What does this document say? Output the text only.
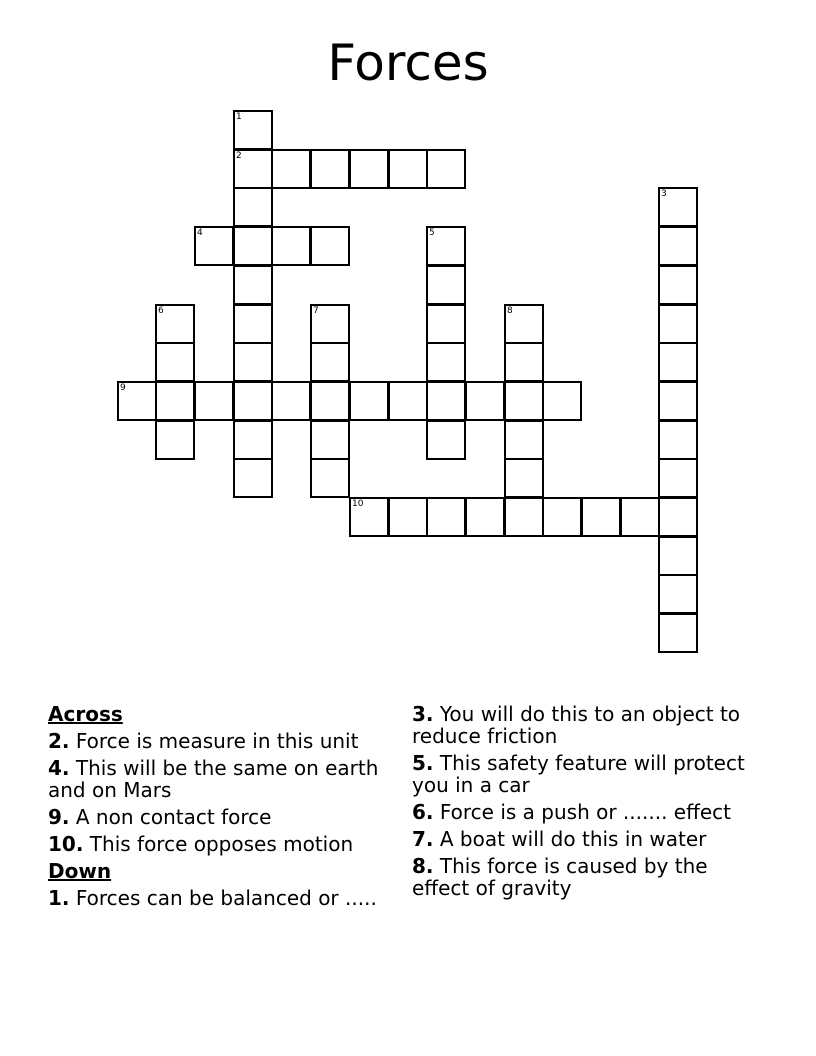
Forces
1
2
3
4	5
6	7	8
9
10
Across
2. Force is measure in this unit
4. This will be the same on earth and on Mars
9. A non contact force
10. This force opposes motion
Down
1. Forces can be balanced or .....
3. You will do this to an object to reduce friction
5. This safety feature will protect you in a car
6. Force is a push or ....... effect
7. A boat will do this in water
8. This force is caused by the effect of gravity
